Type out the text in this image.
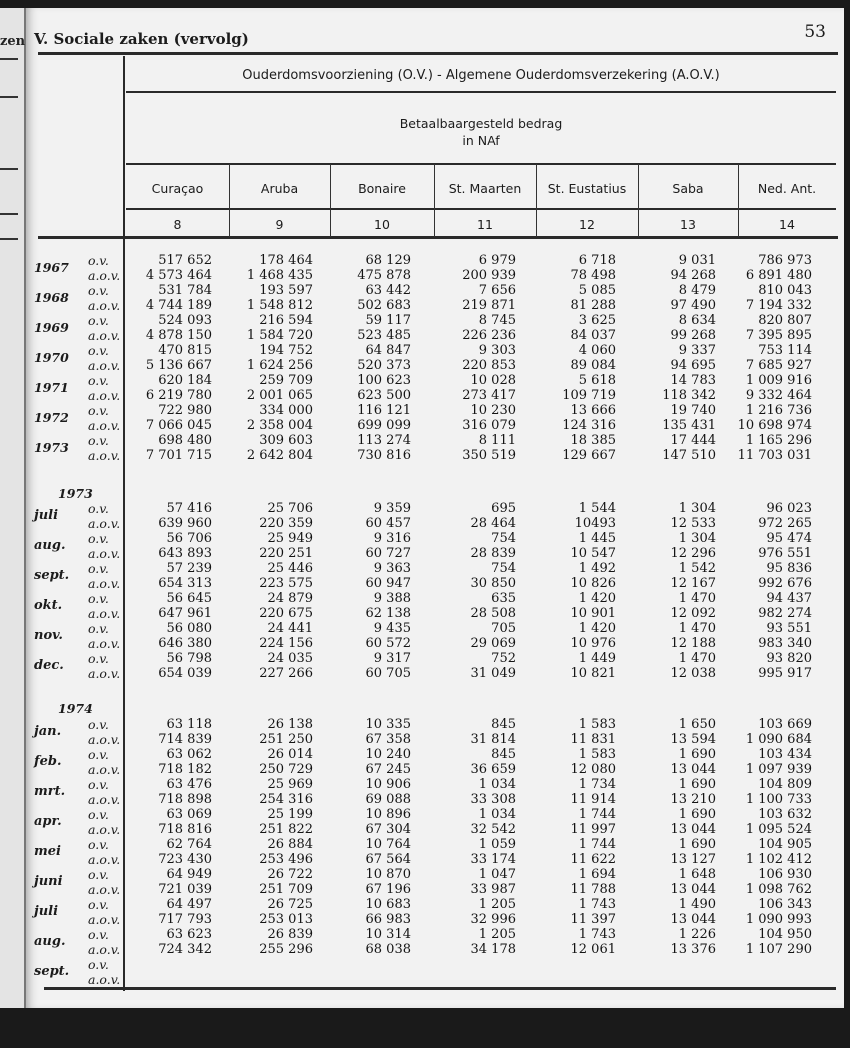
zen V. Sociale zaken (vervolg)	53
Ouderdomsvoorziening (O.V.) - Algemene Ouderdomsverzekering (A.O.V.)
Betaalbaargesteld bedrag
in NAf
Curaçao
8
Aruba
9
Bonaire
10
St. Maarten
11
St. Eustatius
12
Saba
13
Ned. Ant.
14
1967 o.v.	517 652	178 464	68 129	6 979	6 718	9 031	786 973
a.o.v.	4 573 464	1 468 435	475 878	200 939	78 498	94 268	6 891 480
1968 o.v.	531 784	193 597	63 442	7 656	5 085	8 479	810 043
a.o.v.	4 744 189	1 548 812	502 683	219 871	81 288	97 490	7 194 332
1969 o.v.	524 093	216 594	59 117	8 745	3 625	8 634	820 807
a.o.v.	4 878 150	1 584 720	523 485	226 236	84 037	99 268	7 395 895
1970 o.v.	470 815	194 752	64 847	9 303	4 060	9 337	753 114
a.o.v.	5 136 667	1 624 256	520 373	220 853	89 084	94 695	7 685 927
1971 o.v.	620 184	259 709	100 623	10 028	5 618	14 783	1 009 916
a.o.v.	6 219 780	2 001 065	623 500	273 417	109 719	118 342	9 332 464
1972 o.v.	722 980	334 000	116 121	10 230	13 666	19 740	1 216 736
a.o.v.	7 066 045	2 358 004	699 099	316 079	124 316	135 431	10 698 974
1973 o.v.	698 480	309 603	113 274	8 111	18 385	17 444	1 165 296
a.o.v.	7 701 715	2 642 804	730 816	350 519	129 667	147 510	11 703 031
1973
juli o.v.	57 416	25 706	9 359	695	1 544	1 304	96 023
a.o.v.	639 960	220 359	60 457	28 464	10493	12 533	972 265
aug. o.v.	56 706	25 949	9 316	754	1 445	1 304	95 474
a.o.v.	643 893	220 251	60 727	28 839	10 547	12 296	976 551
sept. o.v.	57 239	25 446	9 363	754	1 492	1 542	95 836
a.o.v.	654 313	223 575	60 947	30 850	10 826	12 167	992 676
okt. o.v.	56 645	24 879	9 388	635	1 420	1 470	94 437
a.o.v.	647 961	220 675	62 138	28 508	10 901	12 092	982 274
nov. o.v.	56 080	24 441	9 435	705	1 420	1 470	93 551
a.o.v.	646 380	224 156	60 572	29 069	10 976	12 188	983 340
dec. o.v.	56 798	24 035	9 317	752	1 449	1 470	93 820
a.o.v.	654 039	227 266	60 705	31 049	10 821	12 038	995 917
1974
jan. o.v.	63 118	26 138	10 335	845	1 583	1 650	103 669
a.o.v.	714 839	251 250	67 358	31 814	11 831	13 594	1 090 684
feb. o.v.	63 062	26 014	10 240	845	1 583	1 690	103 434
a.o.v.	718 182	250 729	67 245	36 659	12 080	13 044	1 097 939
mrt. o.v.	63 476	25 969	10 906	1 034	1 734	1 690	104 809
a.o.v.	718 898	254 316	69 088	33 308	11 914	13 210	1 100 733
apr. o.v.	63 069	25 199	10 896	1 034	1 744	1 690	103 632
a.o.v.	718 816	251 822	67 304	32 542	11 997	13 044	1 095 524
mei o.v.	62 764	26 884	10 764	1 059	1 744	1 690	104 905
a.o.v.	723 430	253 496	67 564	33 174	11 622	13 127	1 102 412
juni o.v.	64 949	26 722	10 870	1 047	1 694	1 648	106 930
a.o.v.	721 039	251 709	67 196	33 987	11 788	13 044	1 098 762
juli o.v.	64 497	26 725	10 683	1 205	1 743	1 490	106 343
a.o.v.	717 793	253 013	66 983	32 996	11 397	13 044	1 090 993
aug. o.v.	63 623	26 839	10 314	1 205	1 743	1 226	104 950
a.o.v.	724 342	255 296	68 038	34 178	12 061	13 376	1 107 290
sept. o.v.
a.o.v.
